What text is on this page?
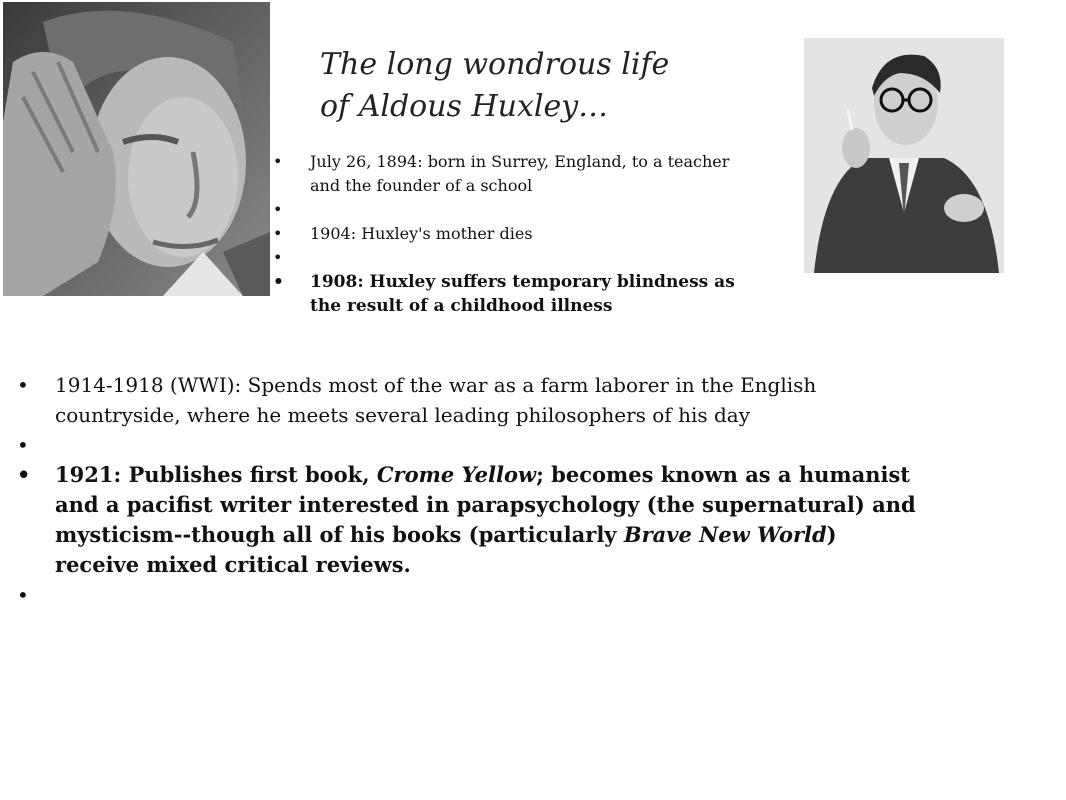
The long wondrous life
of Aldous Huxley…
• July 26, 1894: born in Surrey, England, to a teacher and the founder of a school
•
• 1904: Huxley's mother dies
•
• 1908: Huxley suffers temporary blindness as the result of a childhood illness
• 1914-1918 (WWI): Spends most of the war as a farm laborer in the English countryside, where he meets several leading philosophers of his day
•
• 1921: Publishes first book, Crome Yellow; becomes known as a humanist and a pacifist writer interested in parapsychology (the supernatural) and mysticism--though all of his books (particularly Brave New World) receive mixed critical reviews.
•
